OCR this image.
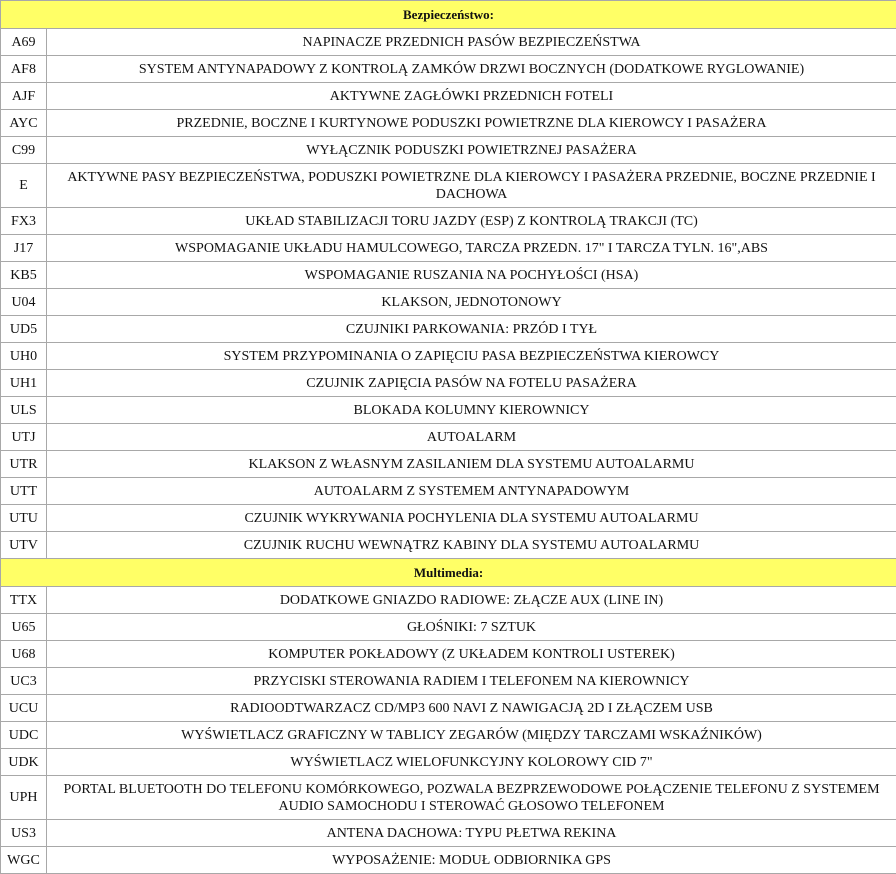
Bezpieczeństwo:	
A69	NAPINACZE PRZEDNICH PASÓW BEZPIECZEŃSTWA
AF8	SYSTEM ANTYNAPADOWY Z KONTROLĄ ZAMKÓW DRZWI BOCZNYCH (DODATKOWE RYGLOWANIE)
AJF	AKTYWNE ZAGŁÓWKI PRZEDNICH FOTELI
AYC	PRZEDNIE, BOCZNE I KURTYNOWE PODUSZKI POWIETRZNE DLA KIEROWCY I PASAŻERA
C99	WYŁĄCZNIK PODUSZKI POWIETRZNEJ PASAŻERA
E	AKTYWNE PASY BEZPIECZEŃSTWA, PODUSZKI POWIETRZNE DLA KIEROWCY I PASAŻERA PRZEDNIE, BOCZNE PRZEDNIE I DACHOWA
FX3	UKŁAD STABILIZACJI TORU JAZDY (ESP) Z KONTROLĄ TRAKCJI (TC)
J17	WSPOMAGANIE UKŁADU HAMULCOWEGO, TARCZA PRZEDN. 17" I TARCZA TYLN. 16",ABS
KB5	WSPOMAGANIE RUSZANIA NA POCHYŁOŚCI (HSA)
U04	KLAKSON, JEDNOTONOWY
UD5	CZUJNIKI PARKOWANIA: PRZÓD I TYŁ
UH0	SYSTEM PRZYPOMINANIA O ZAPIĘCIU PASA BEZPIECZEŃSTWA KIEROWCY
UH1	CZUJNIK ZAPIĘCIA PASÓW NA FOTELU PASAŻERA
ULS	BLOKADA KOLUMNY KIEROWNICY
UTJ	AUTOALARM
UTR	KLAKSON Z WŁASNYM ZASILANIEM DLA SYSTEMU AUTOALARMU
UTT	AUTOALARM Z SYSTEMEM ANTYNAPADOWYM
UTU	CZUJNIK WYKRYWANIA POCHYLENIA DLA SYSTEMU AUTOALARMU
UTV	CZUJNIK RUCHU WEWNĄTRZ KABINY DLA SYSTEMU AUTOALARMU
Multimedia:	
TTX	DODATKOWE GNIAZDO RADIOWE: ZŁĄCZE AUX (LINE IN)
U65	GŁOŚNIKI: 7 SZTUK
U68	KOMPUTER POKŁADOWY (Z UKŁADEM KONTROLI USTEREK)
UC3	PRZYCISKI STEROWANIA RADIEM I TELEFONEM NA KIEROWNICY
UCU	RADIOODTWARZACZ CD/MP3 600 NAVI Z NAWIGACJĄ 2D I ZŁĄCZEM USB
UDC	WYŚWIETLACZ GRAFICZNY W TABLICY ZEGARÓW (MIĘDZY TARCZAMI WSKAŹNIKÓW)
UDK	WYŚWIETLACZ WIELOFUNKCYJNY KOLOROWY CID 7"
UPH	PORTAL BLUETOOTH DO TELEFONU KOMÓRKOWEGO, POZWALA BEZPRZEWODOWE POŁĄCZENIE TELEFONU Z SYSTEMEM AUDIO SAMOCHODU I STEROWAĆ GŁOSOWO TELEFONEM
US3	ANTENA DACHOWA: TYPU PŁETWA REKINA
WGC	WYPOSAŻENIE: MODUŁ ODBIORNIKA GPS
